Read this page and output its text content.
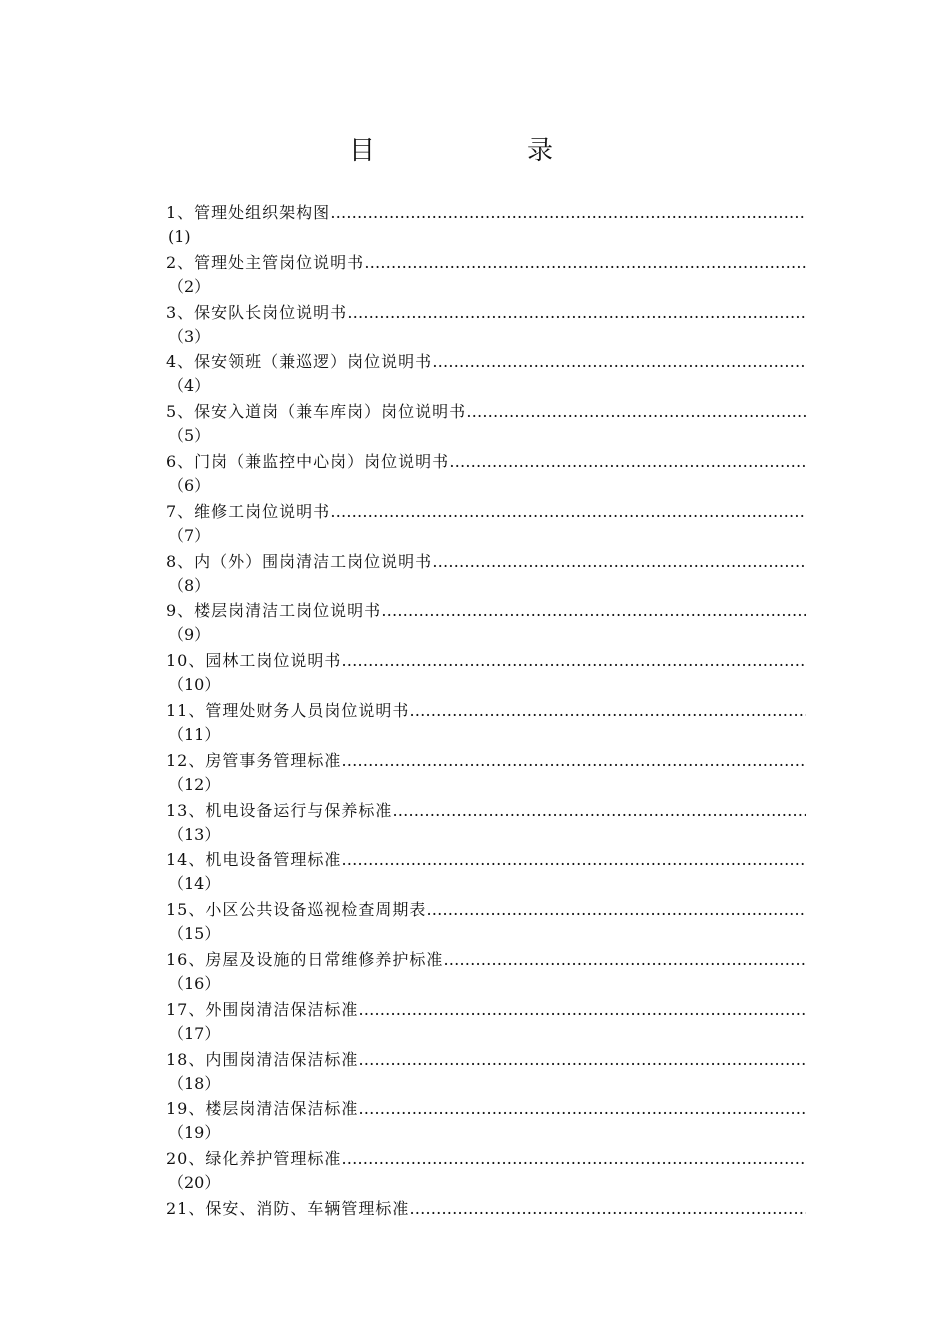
目	录
1、管理处组织架构图
…………………………………………………………………………………………………………………………………………
(1)
2、管理处主管岗位说明书
…………………………………………………………………………………………………………………………………………
（2）
3、保安队长岗位说明书
…………………………………………………………………………………………………………………………………………
（3）
4、保安领班（兼巡逻）岗位说明书
…………………………………………………………………………………………………………………………………………
（4）
5、保安入道岗（兼车库岗）岗位说明书
…………………………………………………………………………………………………………………………………………
（5）
6、门岗（兼监控中心岗）岗位说明书
…………………………………………………………………………………………………………………………………………
（6）
7、维修工岗位说明书
…………………………………………………………………………………………………………………………………………
（7）
8、内（外）围岗清洁工岗位说明书
…………………………………………………………………………………………………………………………………………
（8）
9、楼层岗清洁工岗位说明书
…………………………………………………………………………………………………………………………………………
（9）
10、园林工岗位说明书
…………………………………………………………………………………………………………………………………………
（10）
11、管理处财务人员岗位说明书
…………………………………………………………………………………………………………………………………………
（11）
12、房管事务管理标准
…………………………………………………………………………………………………………………………………………
（12）
13、机电设备运行与保养标准
…………………………………………………………………………………………………………………………………………
（13）
14、机电设备管理标准
…………………………………………………………………………………………………………………………………………
（14）
15、小区公共设备巡视检查周期表
…………………………………………………………………………………………………………………………………………
（15）
16、房屋及设施的日常维修养护标准
…………………………………………………………………………………………………………………………………………
（16）
17、外围岗清洁保洁标准
…………………………………………………………………………………………………………………………………………
（17）
18、内围岗清洁保洁标准
…………………………………………………………………………………………………………………………………………
（18）
19、楼层岗清洁保洁标准
…………………………………………………………………………………………………………………………………………
（19）
20、绿化养护管理标准
…………………………………………………………………………………………………………………………………………
（20）
21、保安、消防、车辆管理标准
…………………………………………………………………………………………………………………………………………
